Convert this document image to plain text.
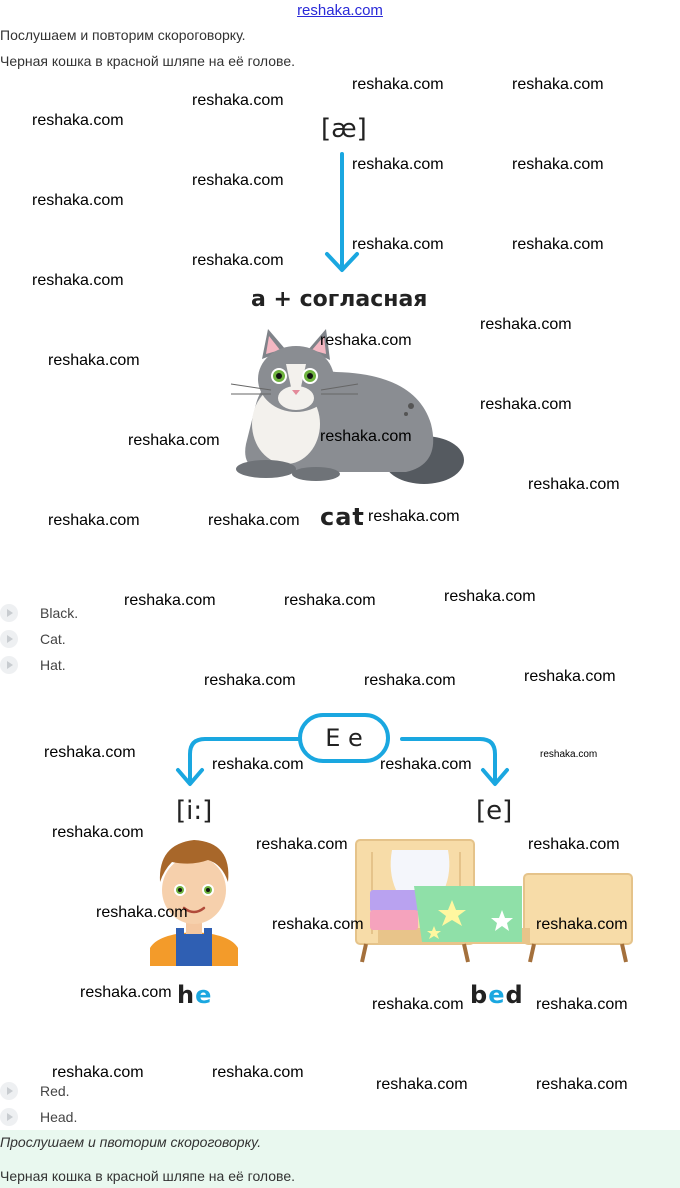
reshaka.com
Послушаем и повторим скороговорку.
Черная кошка в красной шляпе на её голове.
[æ]
a + согласная
cat
Black.
Cat.
Hat.
E e
[i:]	[e]
he	bed
Red.
Head.
Прослушаем и пвоторим скороговорку.
Черная кошка в красной шляпе на её голове.
reshaka.com
reshaka.com	reshaka.com
reshaka.com
reshaka.com
reshaka.com	reshaka.com
reshaka.com
reshaka.com
reshaka.com	reshaka.com
reshaka.com
reshaka.com
reshaka.com
reshaka.com
reshaka.com
reshaka.com	reshaka.com
reshaka.com
reshaka.com	reshaka.com	reshaka.com
reshaka.com	reshaka.com	reshaka.com
reshaka.com	reshaka.com	reshaka.com
reshaka.com
reshaka.com	reshaka.com
reshaka.com
reshaka.com
reshaka.com	reshaka.com
reshaka.com
reshaka.com	reshaka.com
reshaka.com
reshaka.com	reshaka.com
reshaka.com	reshaka.com
reshaka.com	reshaka.com
